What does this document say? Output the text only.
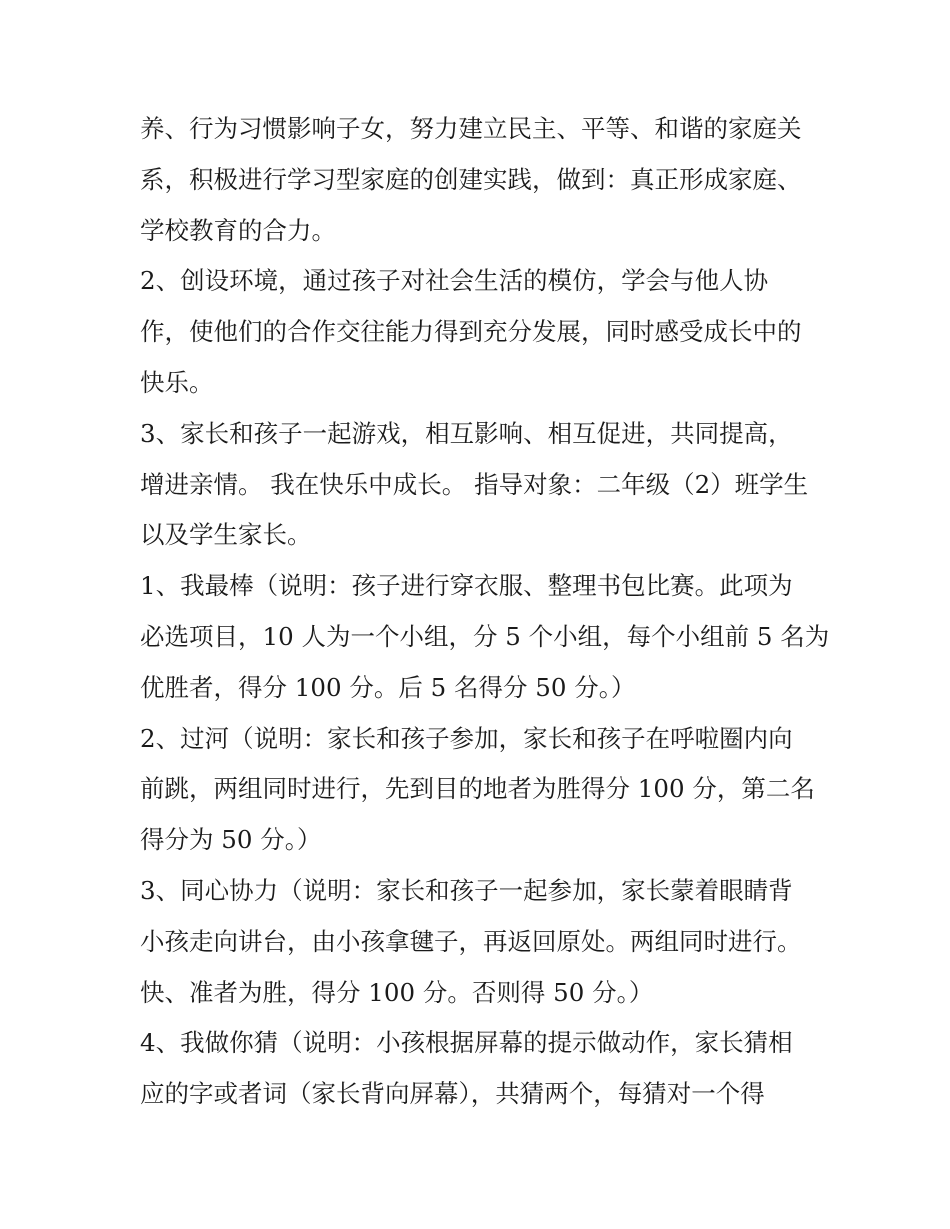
养、行为习惯影响子女，努力建立民主、平等、和谐的家庭关
系，积极进行学习型家庭的创建实践，做到：真正形成家庭、
学校教育的合力。
2、创设环境，通过孩子对社会生活的模仿，学会与他人协
作，使他们的合作交往能力得到充分发展，同时感受成长中的
快乐。
3、家长和孩子一起游戏，相互影响、相互促进，共同提高，
增进亲情。 我在快乐中成长。 指导对象：二年级（2）班学生
以及学生家长。
1、我最棒（说明：孩子进行穿衣服、整理书包比赛。此项为
必选项目，10 人为一个小组，分 5 个小组，每个小组前 5 名为
优胜者，得分 100 分。后 5 名得分 50 分。）
2、过河（说明：家长和孩子参加，家长和孩子在呼啦圈内向
前跳，两组同时进行，先到目的地者为胜得分 100 分，第二名
得分为 50 分。）
3、同心协力（说明：家长和孩子一起参加，家长蒙着眼睛背
小孩走向讲台，由小孩拿毽子，再返回原处。两组同时进行。
快、准者为胜，得分 100 分。否则得 50 分。）
4、我做你猜（说明：小孩根据屏幕的提示做动作，家长猜相
应的字或者词（家长背向屏幕），共猜两个，每猜对一个得
